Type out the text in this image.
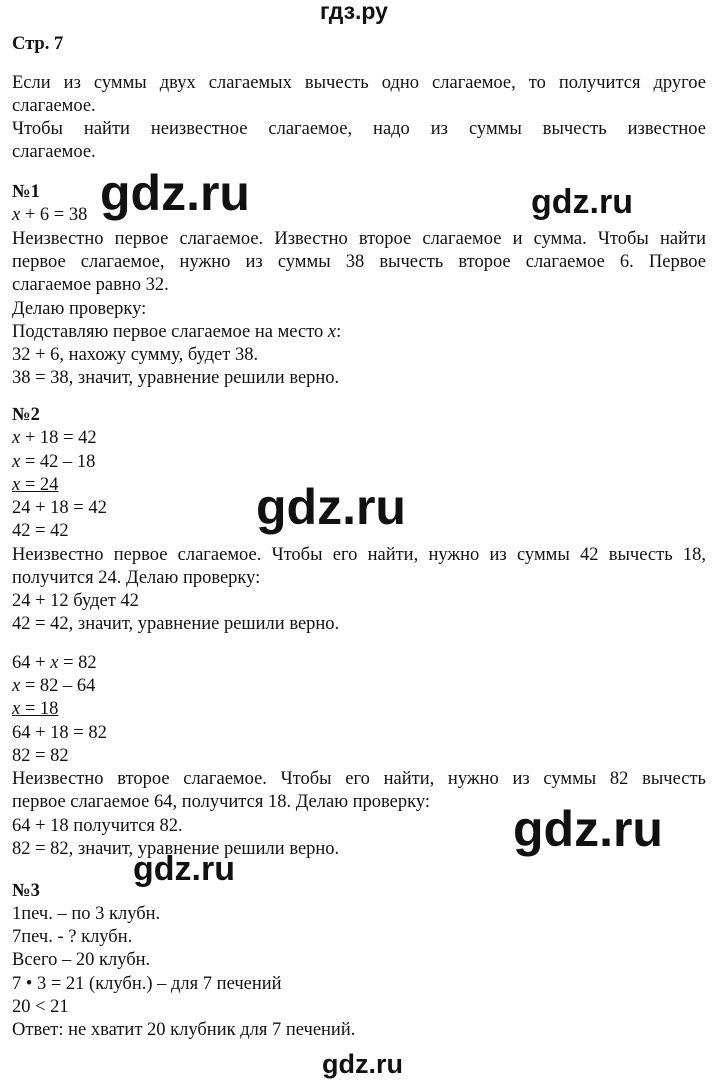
гдз.ру
gdz.ru	gdz.ru
gdz.ru
gdz.ru
gdz.ru
gdz.ru
Стр. 7
Если из суммы двух слагаемых вычесть одно слагаемое, то получится другое
слагаемое.
Чтобы найти неизвестное слагаемое, надо из суммы вычесть известное
слагаемое.
№1
x + 6 = 38
Неизвестно первое слагаемое. Известно второе слагаемое и сумма. Чтобы найти
первое слагаемое, нужно из суммы 38 вычесть второе слагаемое 6. Первое
слагаемое равно 32.
Делаю проверку:
Подставляю первое слагаемое на место x:
32 + 6, нахожу сумму, будет 38.
38 = 38, значит, уравнение решили верно.
№2
x + 18 = 42
x = 42 – 18
x = 24
24 + 18 = 42
42 = 42
Неизвестно первое слагаемое. Чтобы его найти, нужно из суммы 42 вычесть 18,
получится 24. Делаю проверку:
24 + 12 будет 42
42 = 42, значит, уравнение решили верно.
64 + x = 82
x = 82 – 64
x = 18
64 + 18 = 82
82 = 82
Неизвестно второе слагаемое. Чтобы его найти, нужно из суммы 82 вычесть
первое слагаемое 64, получится 18. Делаю проверку:
64 + 18 получится 82.
82 = 82, значит, уравнение решили верно.
№3
1печ. – по 3 клубн.
7печ. - ? клубн.
Всего – 20 клубн.
7 • 3 = 21 (клубн.) – для 7 печений
20 < 21
Ответ: не хватит 20 клубник для 7 печений.
